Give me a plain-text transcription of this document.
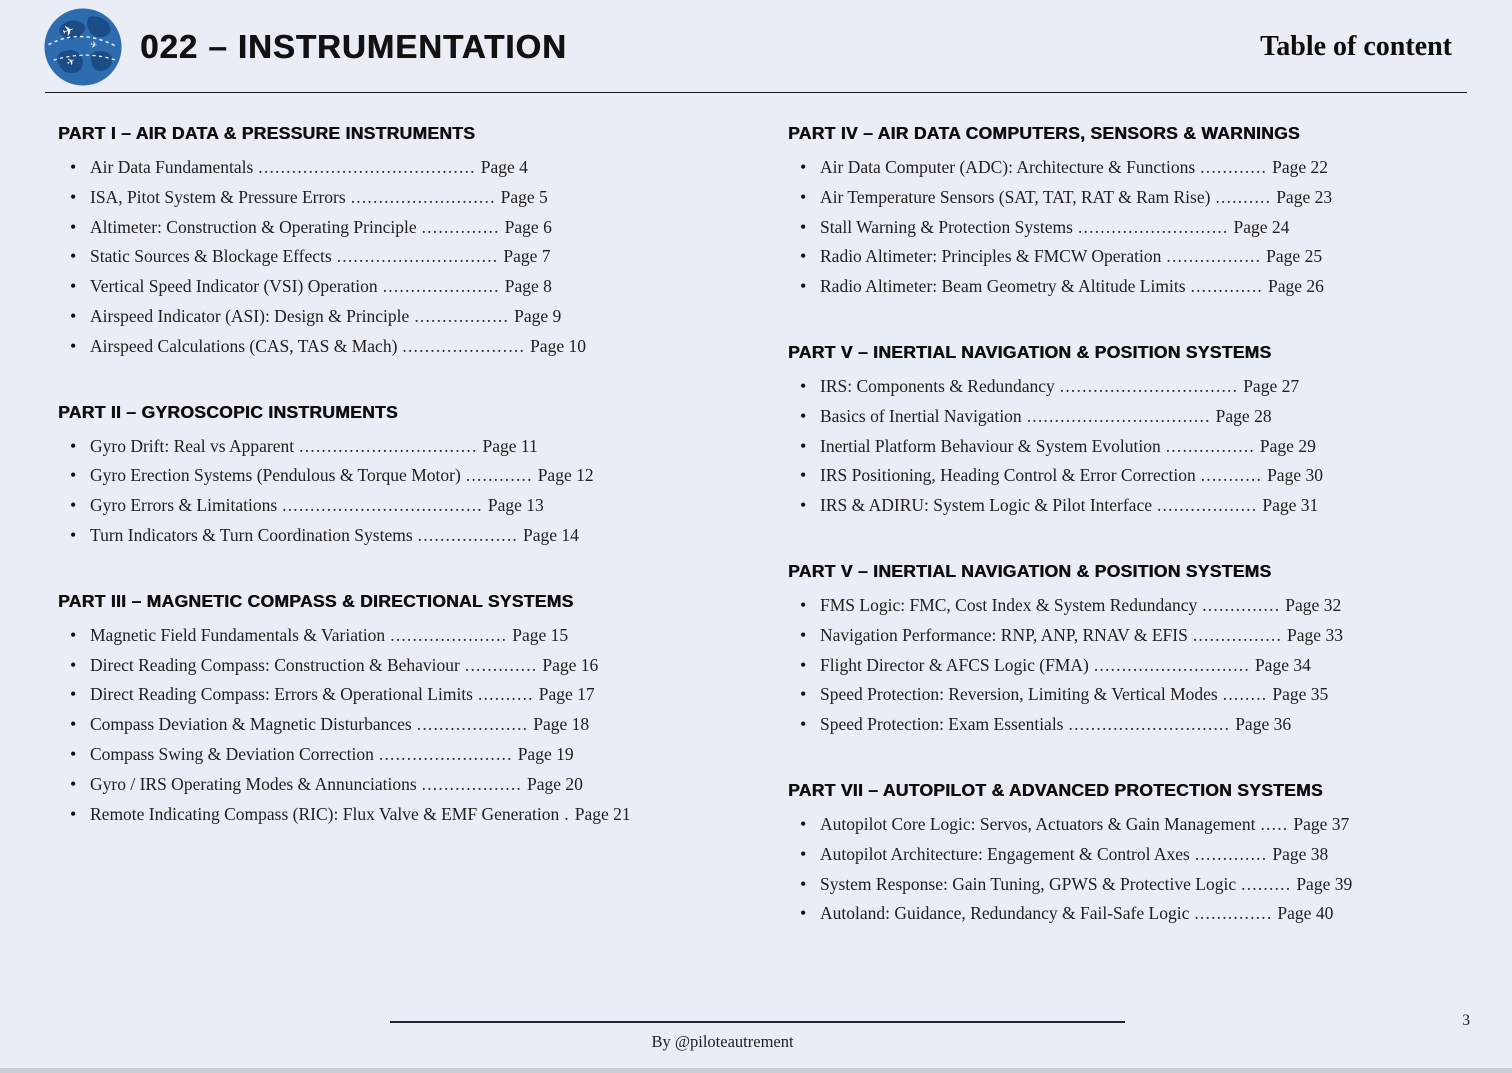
✈
✈
✈ 022 – INSTRUMENTATION	Table of content
PART I – AIR DATA & PRESSURE INSTRUMENTS
• Air Data Fundamentals ....................................... Page 4
• ISA, Pitot System & Pressure Errors .......................... Page 5
• Altimeter: Construction & Operating Principle .............. Page 6
• Static Sources & Blockage Effects ............................. Page 7
• Vertical Speed Indicator (VSI) Operation ..................... Page 8
• Airspeed Indicator (ASI): Design & Principle ................. Page 9
• Airspeed Calculations (CAS, TAS & Mach) ...................... Page 10
PART II – GYROSCOPIC INSTRUMENTS
• Gyro Drift: Real vs Apparent ................................ Page 11
• Gyro Erection Systems (Pendulous & Torque Motor) ............ Page 12
• Gyro Errors & Limitations .................................... Page 13
• Turn Indicators & Turn Coordination Systems .................. Page 14
PART III – MAGNETIC COMPASS & DIRECTIONAL SYSTEMS
• Magnetic Field Fundamentals & Variation ..................... Page 15
• Direct Reading Compass: Construction & Behaviour ............. Page 16
• Direct Reading Compass: Errors & Operational Limits .......... Page 17
• Compass Deviation & Magnetic Disturbances .................... Page 18
• Compass Swing & Deviation Correction ........................ Page 19
• Gyro / IRS Operating Modes & Annunciations .................. Page 20
• Remote Indicating Compass (RIC): Flux Valve & EMF Generation . Page 21
PART IV – AIR DATA COMPUTERS, SENSORS & WARNINGS
• Air Data Computer (ADC): Architecture & Functions ............ Page 22
• Air Temperature Sensors (SAT, TAT, RAT & Ram Rise) .......... Page 23
• Stall Warning & Protection Systems ........................... Page 24
• Radio Altimeter: Principles & FMCW Operation ................. Page 25
• Radio Altimeter: Beam Geometry & Altitude Limits ............. Page 26
PART V – INERTIAL NAVIGATION & POSITION SYSTEMS
• IRS: Components & Redundancy ................................ Page 27
• Basics of Inertial Navigation ................................. Page 28
• Inertial Platform Behaviour & System Evolution ................ Page 29
• IRS Positioning, Heading Control & Error Correction ........... Page 30
• IRS & ADIRU: System Logic & Pilot Interface .................. Page 31
PART V – INERTIAL NAVIGATION & POSITION SYSTEMS
• FMS Logic: FMC, Cost Index & System Redundancy .............. Page 32
• Navigation Performance: RNP, ANP, RNAV & EFIS ................ Page 33
• Flight Director & AFCS Logic (FMA) ............................ Page 34
• Speed Protection: Reversion, Limiting & Vertical Modes ........ Page 35
• Speed Protection: Exam Essentials ............................. Page 36
PART VII – AUTOPILOT & ADVANCED PROTECTION SYSTEMS
• Autopilot Core Logic: Servos, Actuators & Gain Management ..... Page 37
• Autopilot Architecture: Engagement & Control Axes ............. Page 38
• System Response: Gain Tuning, GPWS & Protective Logic ......... Page 39
• Autoland: Guidance, Redundancy & Fail-Safe Logic .............. Page 40
By @piloteautrement
3
